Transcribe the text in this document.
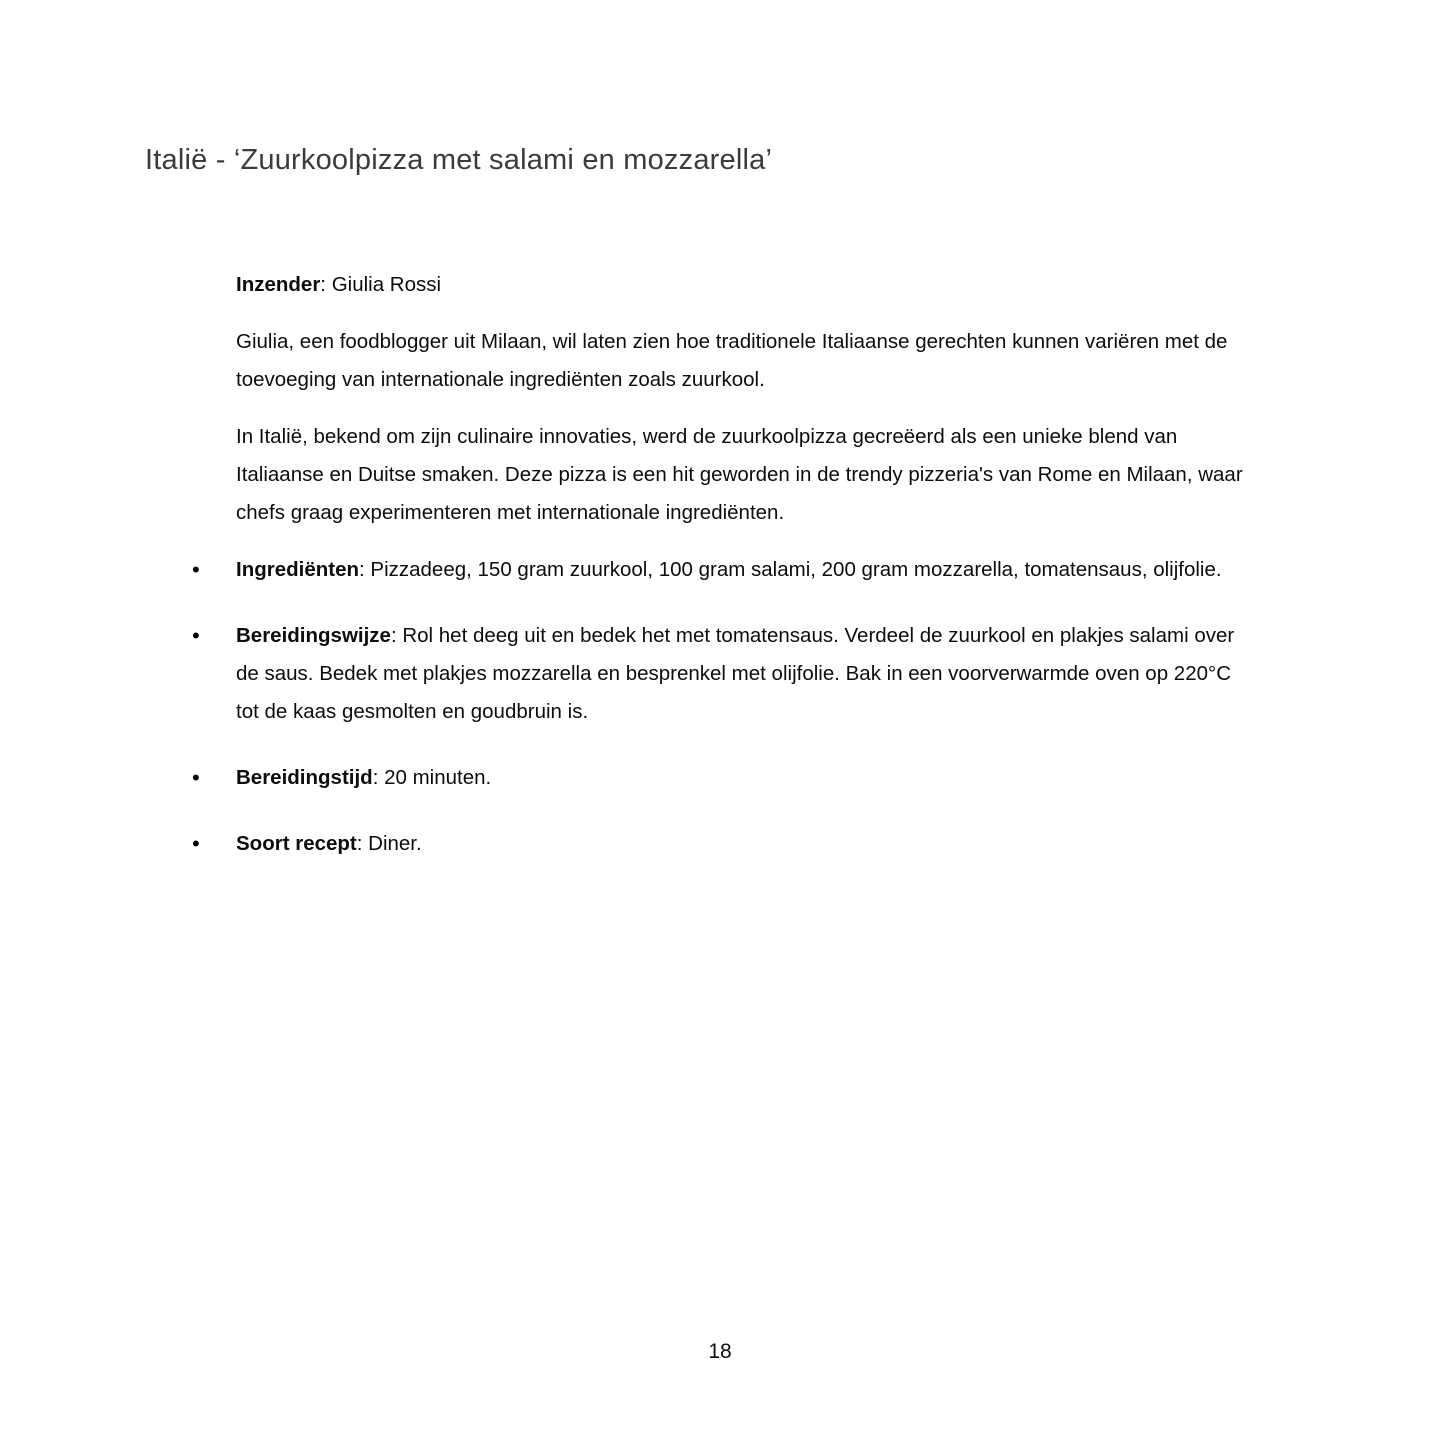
Italië - ‘Zuurkoolpizza met salami en mozzarella’

Inzender: Giulia Rossi

Giulia, een foodblogger uit Milaan, wil laten zien hoe traditionele Italiaanse gerechten kunnen variëren met de toevoeging van internationale ingrediënten zoals zuurkool.

In Italië, bekend om zijn culinaire innovaties, werd de zuurkoolpizza gecreëerd als een unieke blend van Italiaanse en Duitse smaken. Deze pizza is een hit geworden in de trendy pizzeria's van Rome en Milaan, waar chefs graag experimenteren met internationale ingrediënten.

• Ingrediënten: Pizzadeeg, 150 gram zuurkool, 100 gram salami, 200 gram mozzarella, tomatensaus, olijfolie.
• Bereidingswijze: Rol het deeg uit en bedek het met tomatensaus. Verdeel de zuurkool en plakjes salami over de saus. Bedek met plakjes mozzarella en besprenkel met olijfolie. Bak in een voorverwarmde oven op 220°C tot de kaas gesmolten en goudbruin is.
• Bereidingstijd: 20 minuten.
• Soort recept: Diner.
18
